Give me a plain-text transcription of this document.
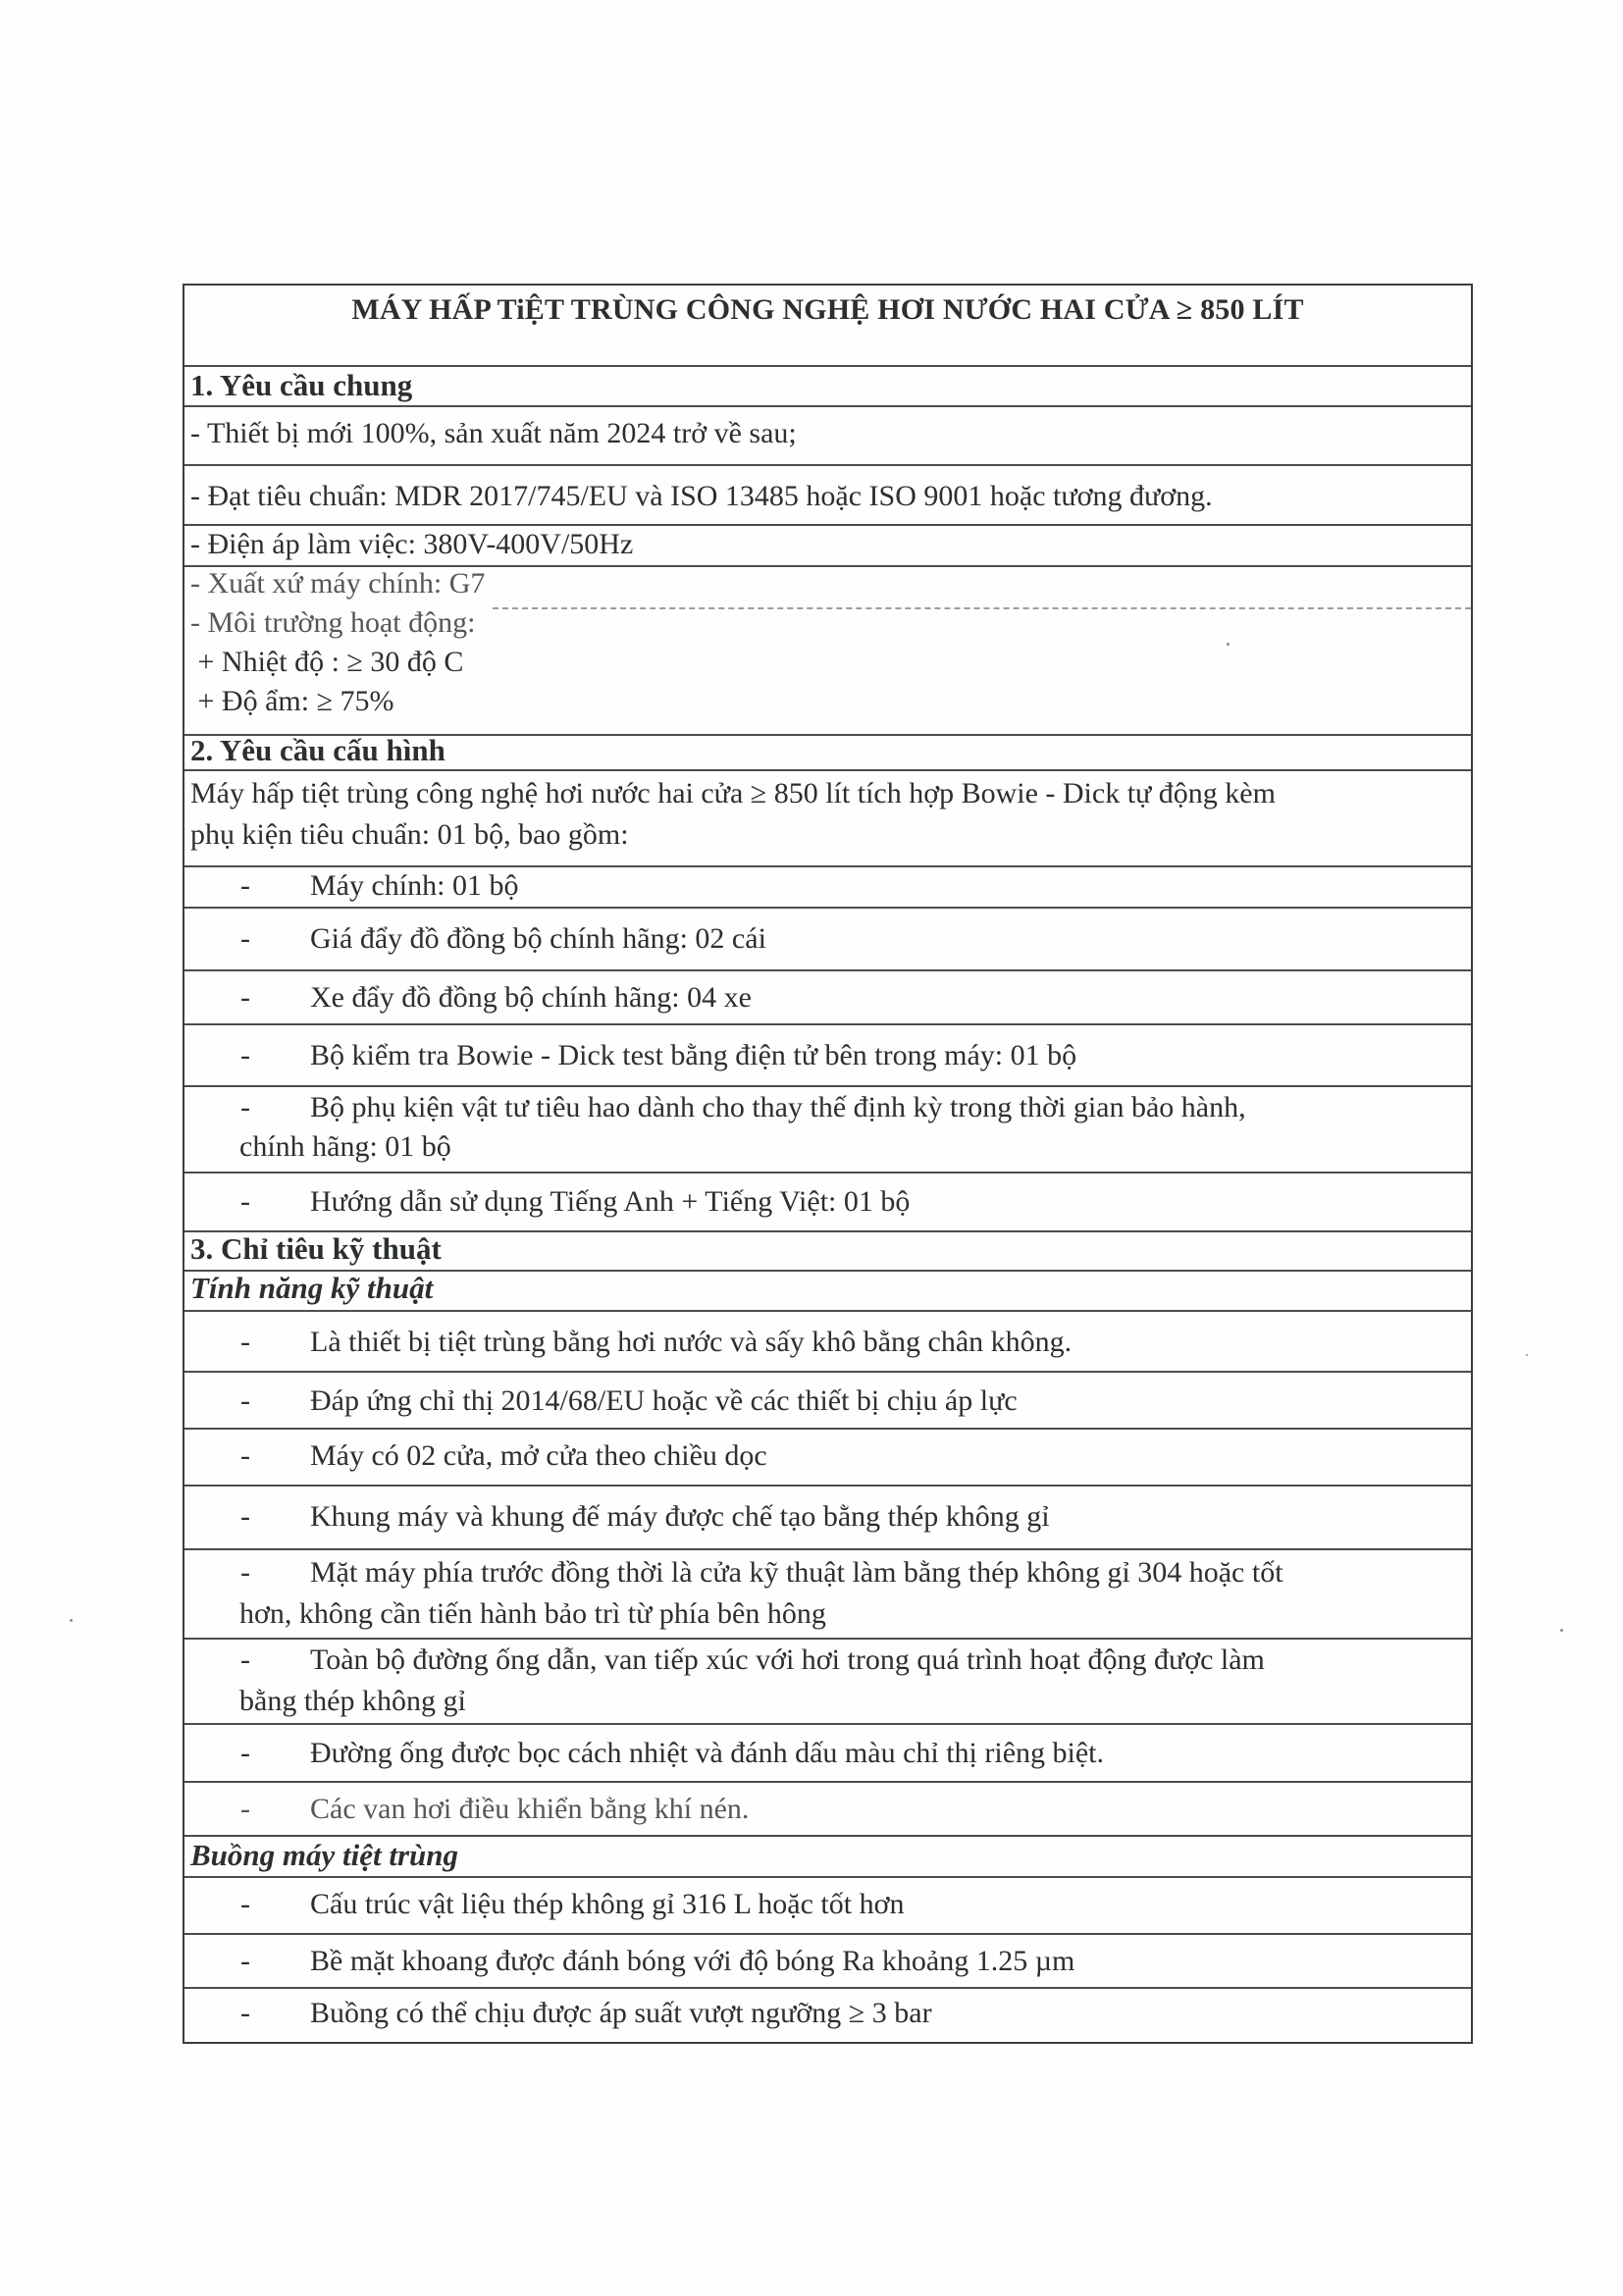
MÁY HẤP TiỆT TRÙNG CÔNG NGHỆ HƠI NƯỚC HAI CỬA ≥ 850 LÍT
1. Yêu cầu chung
- Thiết bị mới 100%, sản xuất năm 2024 trở về sau;
- Đạt tiêu chuẩn: MDR 2017/745/EU và ISO 13485 hoặc ISO 9001 hoặc tương đương.
- Điện áp làm việc: 380V-400V/50Hz
- Xuất xứ máy chính: G7
- Môi trường hoạt động:
+ Nhiệt độ : ≥ 30 độ C
+ Độ ẩm: ≥ 75%
2. Yêu cầu cấu hình
Máy hấp tiệt trùng công nghệ hơi nước hai cửa ≥ 850 lít tích hợp Bowie - Dick tự động kèm
phụ kiện tiêu chuẩn: 01 bộ, bao gồm:
- Máy chính: 01 bộ
- Giá đẩy đồ đồng bộ chính hãng: 02 cái
- Xe đẩy đồ đồng bộ chính hãng: 04 xe
- Bộ kiểm tra Bowie - Dick test bằng điện tử bên trong máy: 01 bộ
- Bộ phụ kiện vật tư tiêu hao dành cho thay thế định kỳ trong thời gian bảo hành,
chính hãng: 01 bộ
- Hướng dẫn sử dụng Tiếng Anh + Tiếng Việt: 01 bộ
3. Chỉ tiêu kỹ thuật
Tính năng kỹ thuật
- Là thiết bị tiệt trùng bằng hơi nước và sấy khô bằng chân không.
- Đáp ứng chỉ thị 2014/68/EU hoặc về các thiết bị chịu áp lực
- Máy có 02 cửa, mở cửa theo chiều dọc
- Khung máy và khung đế máy được chế tạo bằng thép không gỉ
- Mặt máy phía trước đồng thời là cửa kỹ thuật làm bằng thép không gỉ 304 hoặc tốt
hơn, không cần tiến hành bảo trì từ phía bên hông
- Toàn bộ đường ống dẫn, van tiếp xúc với hơi trong quá trình hoạt động được làm
bằng thép không gỉ
- Đường ống được bọc cách nhiệt và đánh dấu màu chỉ thị riêng biệt.
- Các van hơi điều khiển bằng khí nén.
Buồng máy tiệt trùng
- Cấu trúc vật liệu thép không gỉ 316 L hoặc tốt hơn
- Bề mặt khoang được đánh bóng với độ bóng Ra khoảng 1.25 µm
- Buồng có thể chịu được áp suất vượt ngưỡng ≥ 3 bar
